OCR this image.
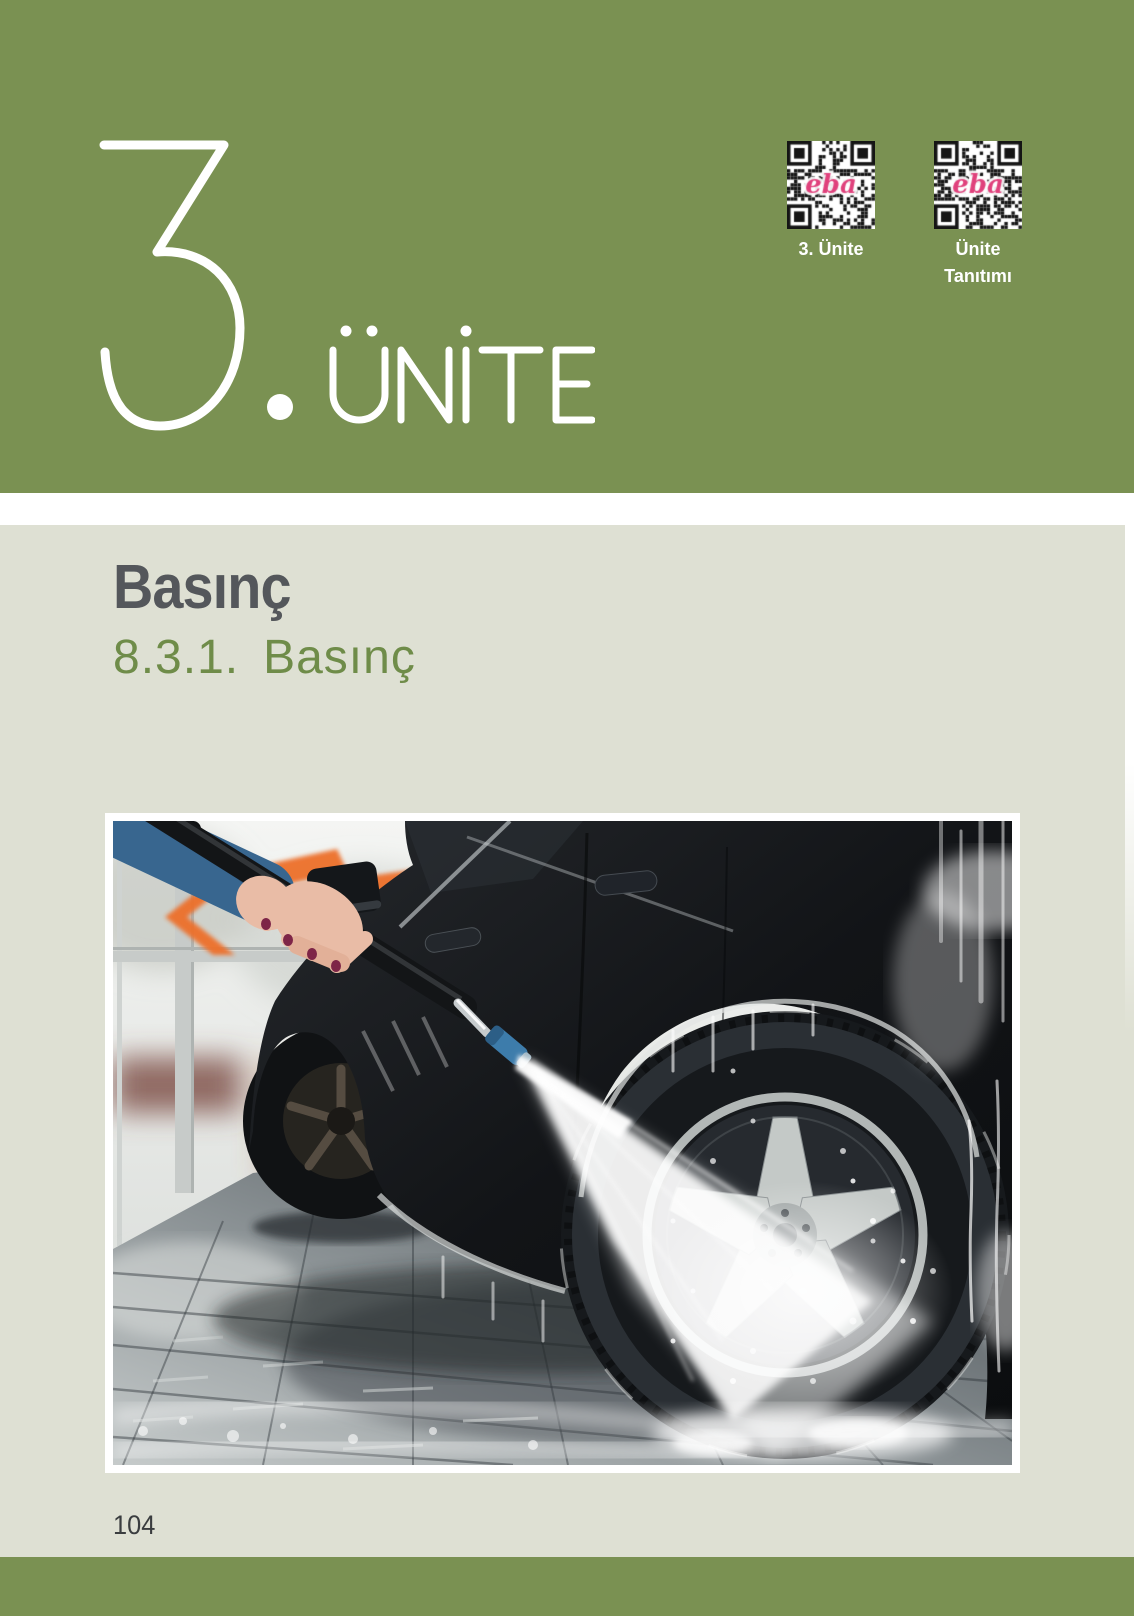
3. Ünite	Ünite Tanıtımı
Basınç
8.3.1. Basınç
104
